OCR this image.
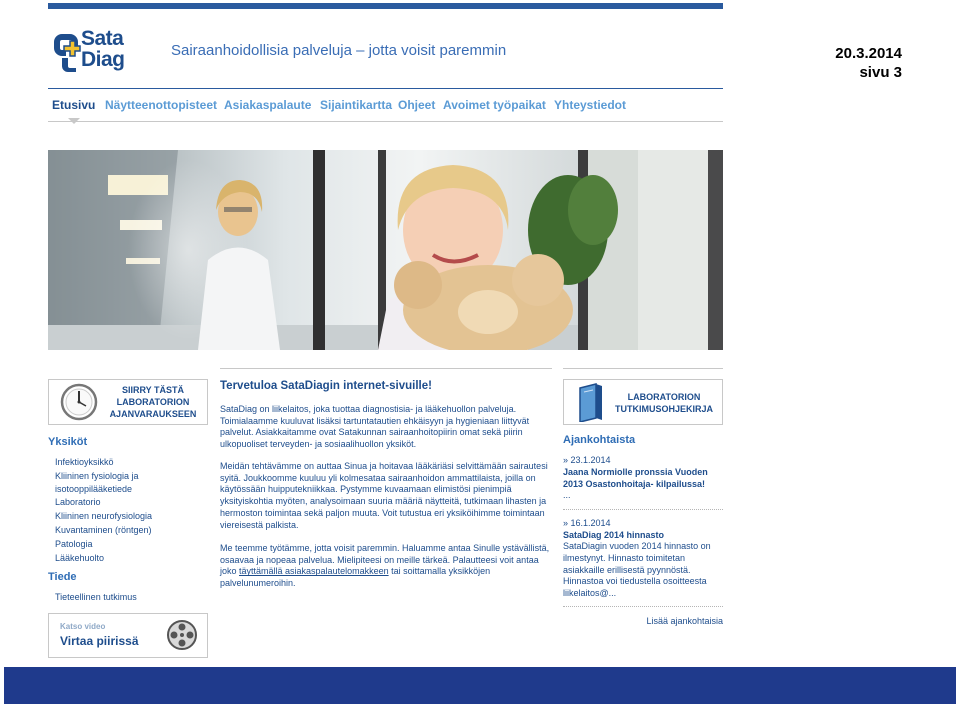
20.3.2014
sivu 3
Sata
Diag	Sairaanhoidollisia palveluja – jotta voisit paremmin
Etusivu Näytteenottopisteet Asiakaspalaute Sijaintikartta Ohjeet Avoimet työpaikat Yhteystiedot
SIIRRY TÄSTÄ
LABORATORION
AJANVARAUKSEEN
Yksiköt
Infektioyksikkö
Kliininen fysiologia ja isotooppilääketiede
Laboratorio
Kliininen neurofysiologia
Kuvantaminen (röntgen)
Patologia
Lääkehuolto
Tiede
Tieteellinen tutkimus
Katso video
Virtaa piirissä
Tervetuloa SataDiagin internet-sivuille!
SataDiag on liikelaitos, joka tuottaa diagnostisia- ja lääkehuollon palveluja. Toimialaamme kuuluvat lisäksi tartuntatautien ehkäisyyn ja hygieniaan liittyvät palvelut. Asiakkaitamme ovat Satakunnan sairaanhoitopiirin omat sekä piirin ulkopuoliset terveyden- ja sosiaalihuollon yksiköt.
Meidän tehtävämme on auttaa Sinua ja hoitavaa lääkäriäsi selvittämään sairautesi syitä. Joukkoomme kuuluu yli kolmesataa sairaanhoidon ammattilaista, joilla on käytössään huipputekniikkaa. Pystymme kuvaamaan elimistösi pienimpiä yksityiskohtia myöten, analysoimaan suuria määriä näytteitä, tutkimaan lihasten ja hermoston toimintaa sekä paljon muuta. Voit tutustua eri yksiköihimme toimintaan viereisestä palkista.
Me teemme työtämme, jotta voisit paremmin. Haluamme antaa Sinulle ystävällistä, osaavaa ja nopeaa palvelua. Mielipiteesi on meille tärkeä. Palautteesi voit antaa joko täyttämällä asiakaspalautelomakkeen tai soittamalla yksikköjen palvelunumeroihin.
LABORATORION
TUTKIMUSOHJEKIRJA
Ajankohtaista
» 23.1.2014
Jaana Normiolle pronssia Vuoden 2013 Osastonhoitaja- kilpailussa!
...
» 16.1.2014
SataDiag 2014 hinnasto
SataDiagin vuoden 2014 hinnasto on ilmestynyt. Hinnasto toimitetan asiakkaille erillisestä pyynnöstä. Hinnastoa voi tiedustella osoitteesta liikelaitos@...
Lisää ajankohtaisia
